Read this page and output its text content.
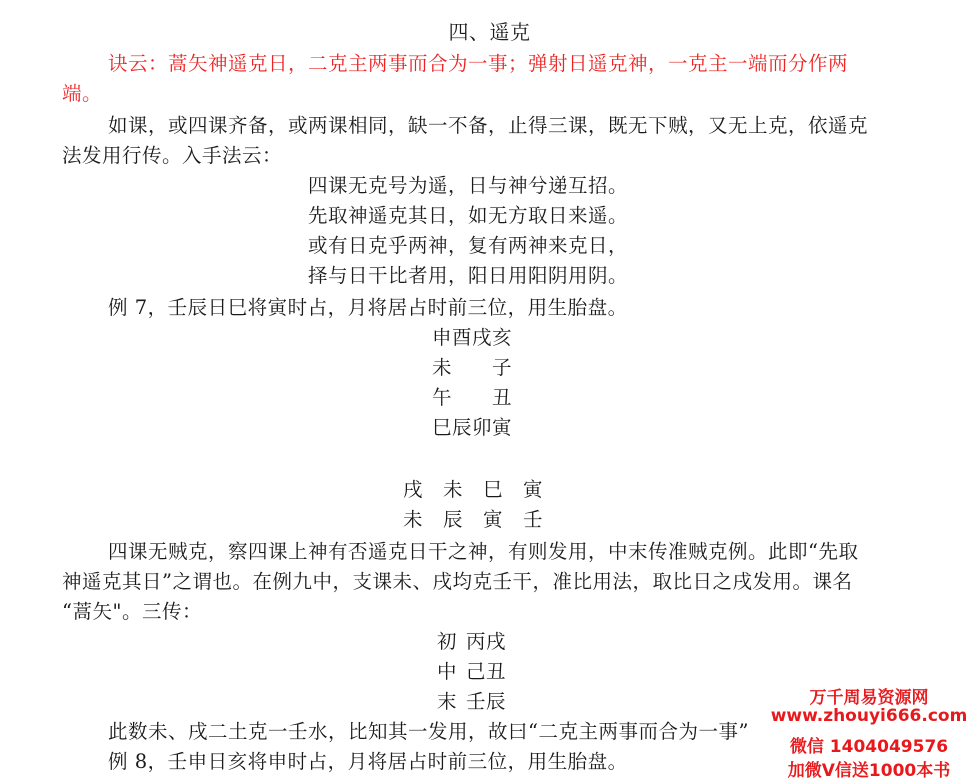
四、遥克
诀云：蒿矢神遥克日，二克主两事而合为一事；弹射日遥克神，一克主一端而分作两
端。
如课，或四课齐备，或两课相同，缺一不备，止得三课，既无下贼，又无上克，依遥克
法发用行传。入手法云：
四课无克号为遥，日与神兮递互招。
先取神遥克其日，如无方取日来遥。
或有日克乎两神，复有两神来克日，
择与日干比者用，阳日用阳阴用阴。
例 7，壬辰日巳将寅时占，月将居占时前三位，用生胎盘。
申酉戌亥
未 子
午 丑
巳辰卯寅
戌 未 巳 寅
未 辰 寅 壬
四课无贼克，察四课上神有否遥克日干之神，有则发用，中末传准贼克例。此即“先取
神遥克其日”之谓也。在例九中，支课未、戌均克壬干，准比用法，取比日之戌发用。课名
“蒿矢"。三传：
初 丙戌
中 己丑
末 壬辰
此数未、戌二土克一壬水，比知其一发用，故曰“二克主两事而合为一事”
例 8，壬申日亥将申时占，月将居占时前三位，用生胎盘。
万千周易资源网
www.zhouyi666.com
微信 1404049576
加微V信送1000本书
